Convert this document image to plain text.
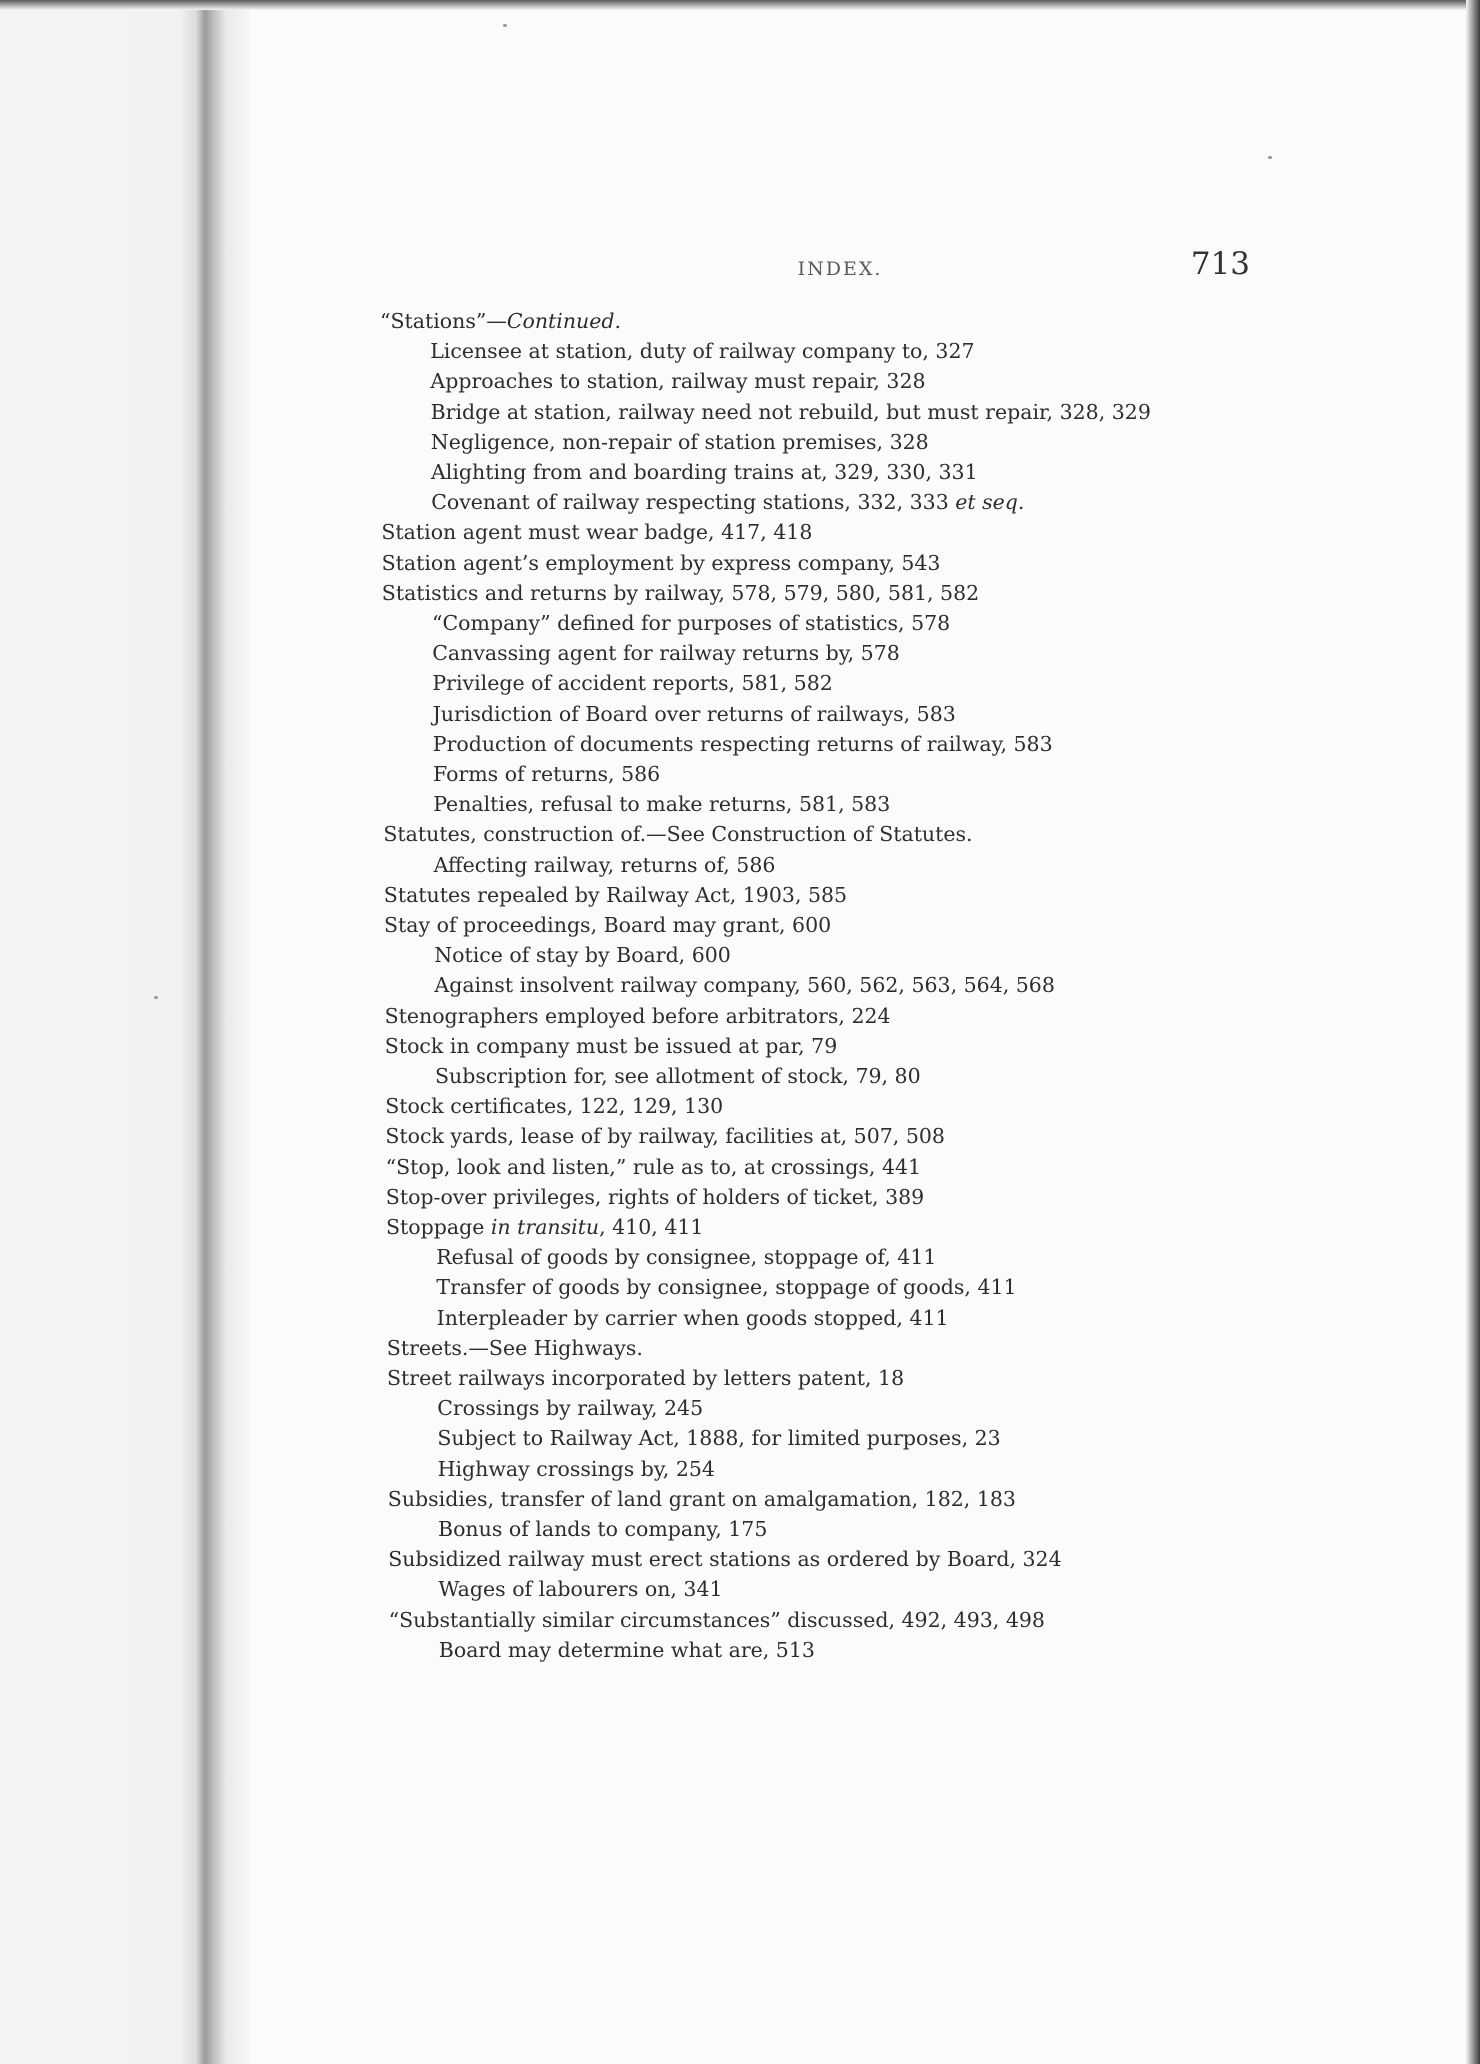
INDEX.	713
“Stations”—Continued.
Licensee at station, duty of railway company to, 327
Approaches to station, railway must repair, 328
Bridge at station, railway need not rebuild, but must repair, 328, 329
Negligence, non-repair of station premises, 328
Alighting from and boarding trains at, 329, 330, 331
Covenant of railway respecting stations, 332, 333 et seq.
Station agent must wear badge, 417, 418
Station agent’s employment by express company, 543
Statistics and returns by railway, 578, 579, 580, 581, 582
“Company” defined for purposes of statistics, 578
Canvassing agent for railway returns by, 578
Privilege of accident reports, 581, 582
Jurisdiction of Board over returns of railways, 583
Production of documents respecting returns of railway, 583
Forms of returns, 586
Penalties, refusal to make returns, 581, 583
Statutes, construction of.—See Construction of Statutes.
Affecting railway, returns of, 586
Statutes repealed by Railway Act, 1903, 585
Stay of proceedings, Board may grant, 600
Notice of stay by Board, 600
Against insolvent railway company, 560, 562, 563, 564, 568
Stenographers employed before arbitrators, 224
Stock in company must be issued at par, 79
Subscription for, see allotment of stock, 79, 80
Stock certificates, 122, 129, 130
Stock yards, lease of by railway, facilities at, 507, 508
“Stop, look and listen,” rule as to, at crossings, 441
Stop-over privileges, rights of holders of ticket, 389
Stoppage in transitu, 410, 411
Refusal of goods by consignee, stoppage of, 411
Transfer of goods by consignee, stoppage of goods, 411
Interpleader by carrier when goods stopped, 411
Streets.—See Highways.
Street railways incorporated by letters patent, 18
Crossings by railway, 245
Subject to Railway Act, 1888, for limited purposes, 23
Highway crossings by, 254
Subsidies, transfer of land grant on amalgamation, 182, 183
Bonus of lands to company, 175
Subsidized railway must erect stations as ordered by Board, 324
Wages of labourers on, 341
“Substantially similar circumstances” discussed, 492, 493, 498
Board may determine what are, 513
